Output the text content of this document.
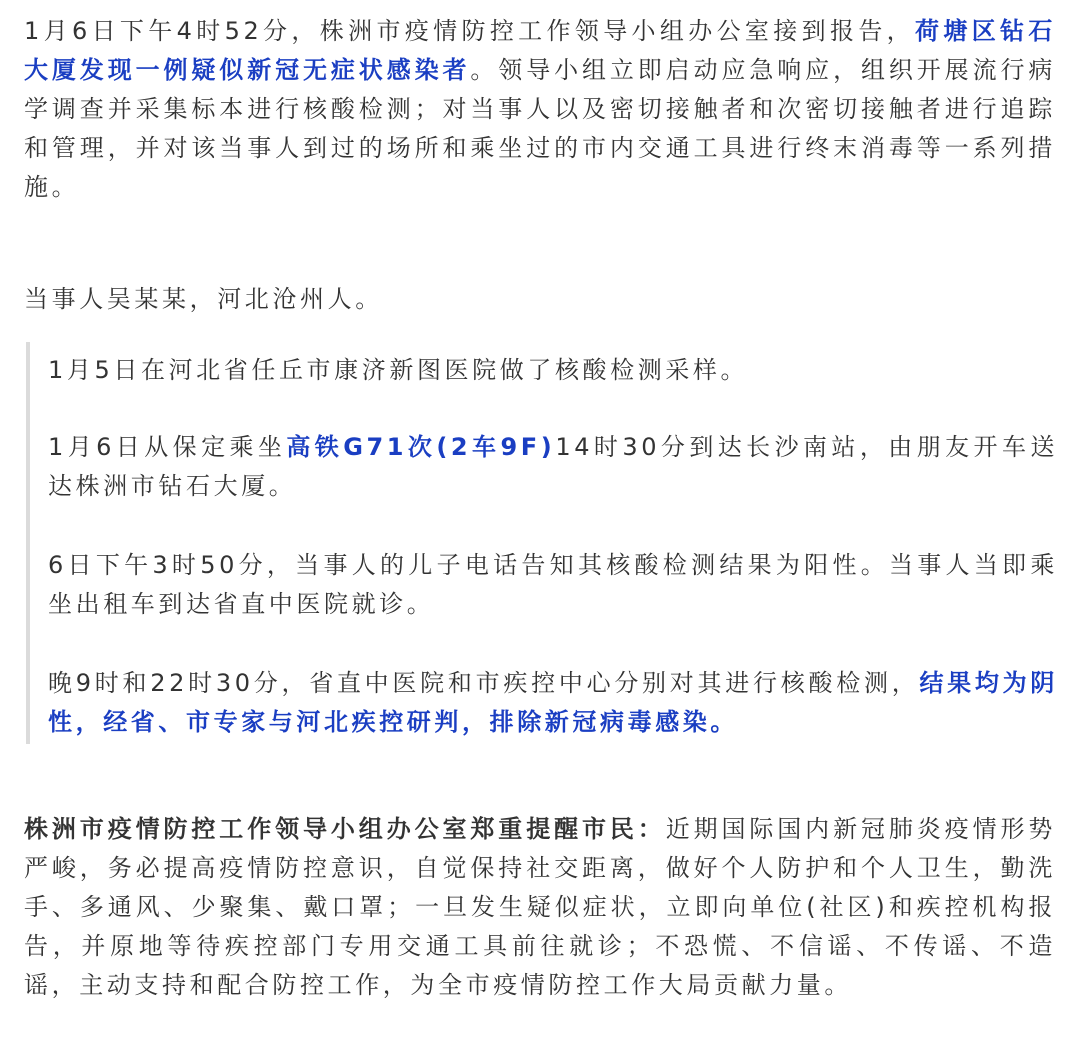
1月6日下午4时52分，株洲市疫情防控工作领导小组办公室接到报告，荷塘区钻石大厦发现一例疑似新冠无症状感染者。领导小组立即启动应急响应，组织开展流行病学调查并采集标本进行核酸检测；对当事人以及密切接触者和次密切接触者进行追踪和管理，并对该当事人到过的场所和乘坐过的市内交通工具进行终末消毒等一系列措施。

当事人吴某某，河北沧州人。

1月5日在河北省任丘市康济新图医院做了核酸检测采样。

1月6日从保定乘坐高铁G71次(2车9F)14时30分到达长沙南站，由朋友开车送达株洲市钻石大厦。

6日下午3时50分，当事人的儿子电话告知其核酸检测结果为阳性。当事人当即乘坐出租车到达省直中医院就诊。

晚9时和22时30分，省直中医院和市疾控中心分别对其进行核酸检测，结果均为阴性，经省、市专家与河北疾控研判，排除新冠病毒感染。

株洲市疫情防控工作领导小组办公室郑重提醒市民：近期国际国内新冠肺炎疫情形势严峻，务必提高疫情防控意识，自觉保持社交距离，做好个人防护和个人卫生，勤洗手、多通风、少聚集、戴口罩；一旦发生疑似症状，立即向单位(社区)和疾控机构报告，并原地等待疾控部门专用交通工具前往就诊；不恐慌、不信谣、不传谣、不造谣，主动支持和配合防控工作，为全市疫情防控工作大局贡献力量。
